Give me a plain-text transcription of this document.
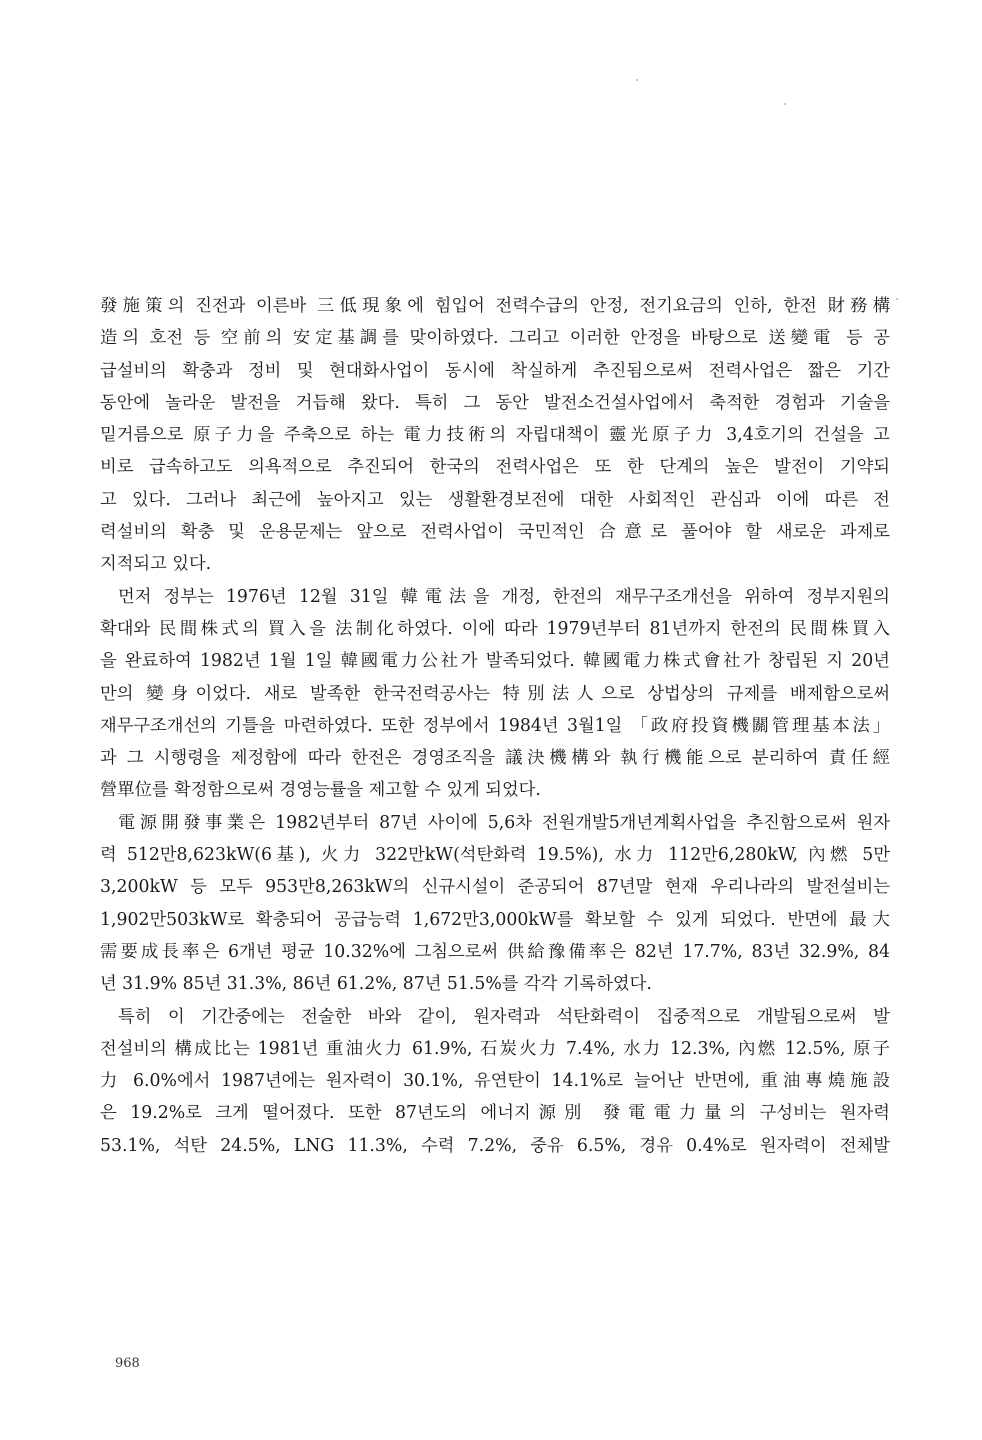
發施策의 진전과 이른바 三低現象에 힘입어 전력수급의 안정, 전기요금의 인하, 한전 財務構
造의 호전 등 空前의 安定基調를 맞이하였다. 그리고 이러한 안정을 바탕으로 送變電 등 공
급설비의 확충과 정비 및 현대화사업이 동시에 착실하게 추진됨으로써 전력사업은 짧은 기간
동안에 놀라운 발전을 거듭해 왔다. 특히 그 동안 발전소건설사업에서 축적한 경험과 기술을
밑거름으로 原子力을 주축으로 하는 電力技術의 자립대책이 靈光原子力 3,4호기의 건설을 고
비로 급속하고도 의욕적으로 추진되어 한국의 전력사업은 또 한 단계의 높은 발전이 기약되
고 있다. 그러나 최근에 높아지고 있는 생활환경보전에 대한 사회적인 관심과 이에 따른 전
력설비의 확충 및 운용문제는 앞으로 전력사업이 국민적인 合意로 풀어야 할 새로운 과제로
지적되고 있다.
먼저 정부는 1976년 12월 31일 韓電法을 개정, 한전의 재무구조개선을 위하여 정부지원의
확대와 民間株式의 買入을 法制化하였다. 이에 따라 1979년부터 81년까지 한전의 民間株買入
을 완료하여 1982년 1월 1일 韓國電力公社가 발족되었다. 韓國電力株式會社가 창립된 지 20년
만의 變身이었다. 새로 발족한 한국전력공사는 特別法人으로 상법상의 규제를 배제함으로써
재무구조개선의 기틀을 마련하였다. 또한 정부에서 1984년 3월1일 「政府投資機關管理基本法」
과 그 시행령을 제정함에 따라 한전은 경영조직을 議決機構와 執行機能으로 분리하여 責任經
營單位를 확정함으로써 경영능률을 제고할 수 있게 되었다.
電源開發事業은 1982년부터 87년 사이에 5,6차 전원개발5개년계획사업을 추진함으로써 원자
력 512만8,623kW(6基), 火力 322만kW(석탄화력 19.5%), 水力 112만6,280kW, 內燃 5만
3,200kW 등 모두 953만8,263kW의 신규시설이 준공되어 87년말 현재 우리나라의 발전설비는
1,902만503kW로 확충되어 공급능력 1,672만3,000kW를 확보할 수 있게 되었다. 반면에 最大
需要成長率은 6개년 평균 10.32%에 그침으로써 供給豫備率은 82년 17.7%, 83년 32.9%, 84
년 31.9% 85년 31.3%, 86년 61.2%, 87년 51.5%를 각각 기록하였다.
특히 이 기간중에는 전술한 바와 같이, 원자력과 석탄화력이 집중적으로 개발됨으로써 발
전설비의 構成比는 1981년 重油火力 61.9%, 石炭火力 7.4%, 水力 12.3%, 內燃 12.5%, 原子
力 6.0%에서 1987년에는 원자력이 30.1%, 유연탄이 14.1%로 늘어난 반면에, 重油專燒施設
은 19.2%로 크게 떨어졌다. 또한 87년도의 에너지源別 發電電力量의 구성비는 원자력
53.1%, 석탄 24.5%, LNG 11.3%, 수력 7.2%, 중유 6.5%, 경유 0.4%로 원자력이 전체발
968
